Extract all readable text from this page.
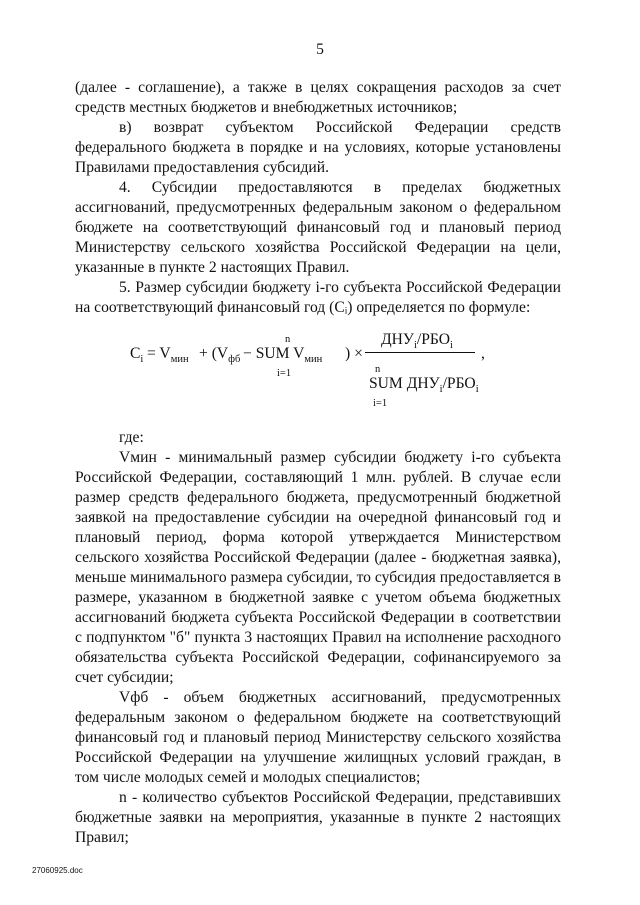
5

(далее - соглашение), а также в целях сокращения расходов за счет средств местных бюджетов и внебюджетных источников;

в) возврат субъектом Российской Федерации средств федерального бюджета в порядке и на условиях, которые установлены Правилами предоставления субсидий.

4. Субсидии предоставляются в пределах бюджетных ассигнований, предусмотренных федеральным законом о федеральном бюджете на соответствующий финансовый год и плановый период Министерству сельского хозяйства Российской Федерации на цели, указанные в пункте 2 настоящих Правил.

5. Размер субсидии бюджету i-го субъекта Российской Федерации на соответствующий финансовый год (Cᵢ) определяется по формуле:

$C_i = V_{мин} + (V_{фб}$
n
− SUM $V_{мин}$
i=1
) ×
$ДНУ_i/РБО_i$
n
SUM $ДНУ_i/РБО_i$
i=1
,

где:

Vмин - минимальный размер субсидии бюджету i-го субъекта Российской Федерации, составляющий 1 млн. рублей. В случае если размер средств федерального бюджета, предусмотренный бюджетной заявкой на предоставление субсидии на очередной финансовый год и плановый период, форма которой утверждается Министерством сельского хозяйства Российской Федерации (далее - бюджетная заявка), меньше минимального размера субсидии, то субсидия предоставляется в размере, указанном в бюджетной заявке с учетом объема бюджетных ассигнований бюджета субъекта Российской Федерации в соответствии с подпунктом "б" пункта 3 настоящих Правил на исполнение расходного обязательства субъекта Российской Федерации, софинансируемого за счет субсидии;

Vфб - объем бюджетных ассигнований, предусмотренных федеральным законом о федеральном бюджете на соответствующий финансовый год и плановый период Министерству сельского хозяйства Российской Федерации на улучшение жилищных условий граждан, в том числе молодых семей и молодых специалистов;

n - количество субъектов Российской Федерации, представивших бюджетные заявки на мероприятия, указанные в пункте 2 настоящих Правил;

27060925.doc
